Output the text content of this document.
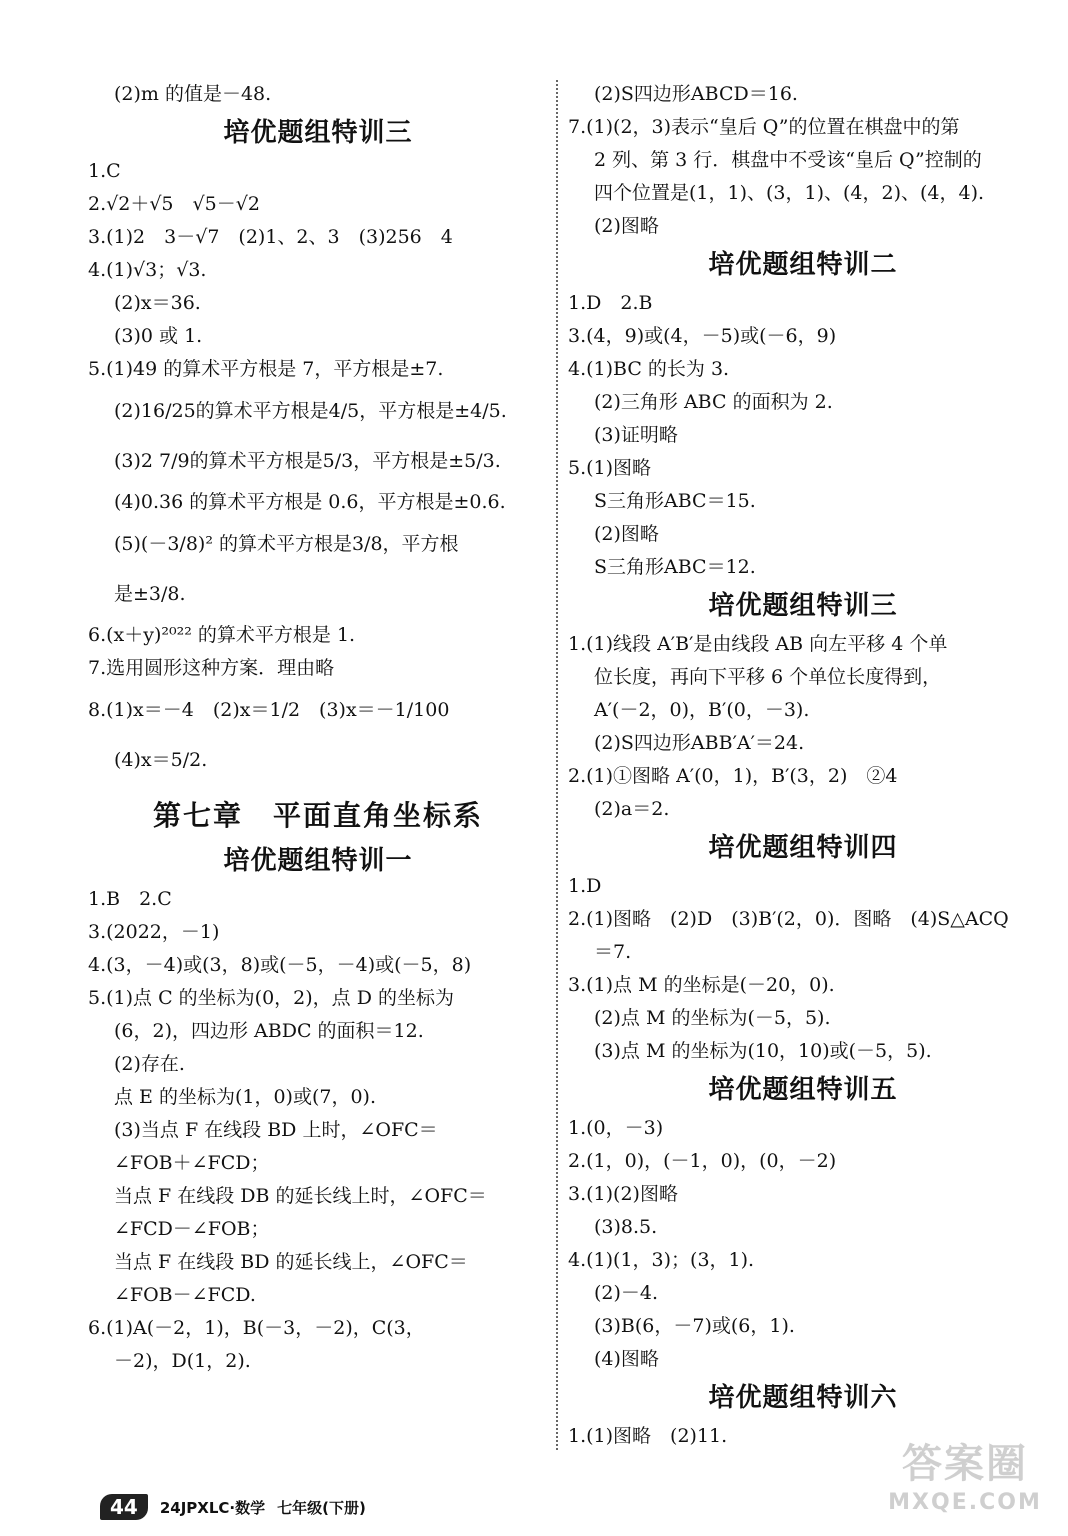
(2)m 的值是－48.
培优题组特训三
1.C
2.√2＋√5　√5－√2
3.(1)2　3－√7　(2)1、2、3　(3)256　4
4.(1)√3；√3.
(2)x＝36.
(3)0 或 1.
5.(1)49 的算术平方根是 7，平方根是±7.
(2)16/25的算术平方根是4/5，平方根是±4/5.
(3)2 7/9的算术平方根是5/3，平方根是±5/3.
(4)0.36 的算术平方根是 0.6，平方根是±0.6.
(5)(－3/8)² 的算术平方根是3/8，平方根
是±3/8.
6.(x＋y)²⁰²² 的算术平方根是 1.
7.选用圆形这种方案．理由略
8.(1)x＝－4　(2)x＝1/2　(3)x＝－1/100
(4)x＝5/2.
第七章　平面直角坐标系
培优题组特训一
1.B　2.C
3.(2022，－1)
4.(3，－4)或(3，8)或(－5，－4)或(－5，8)
5.(1)点 C 的坐标为(0，2)，点 D 的坐标为
(6，2)，四边形 ABDC 的面积＝12.
(2)存在.
点 E 的坐标为(1，0)或(7，0).
(3)当点 F 在线段 BD 上时，∠OFC＝
∠FOB＋∠FCD；
当点 F 在线段 DB 的延长线上时，∠OFC＝
∠FCD－∠FOB；
当点 F 在线段 BD 的延长线上，∠OFC＝
∠FOB－∠FCD.
6.(1)A(－2，1)，B(－3，－2)，C(3，
－2)，D(1，2).
(2)S四边形ABCD＝16.
7.(1)(2，3)表示“皇后 Q”的位置在棋盘中的第
2 列、第 3 行．棋盘中不受该“皇后 Q”控制的
四个位置是(1，1)、(3，1)、(4，2)、(4，4).
(2)图略
培优题组特训二
1.D　2.B
3.(4，9)或(4，－5)或(－6，9)
4.(1)BC 的长为 3.
(2)三角形 ABC 的面积为 2.
(3)证明略
5.(1)图略
S三角形ABC＝15.
(2)图略
S三角形ABC＝12.
培优题组特训三
1.(1)线段 A′B′是由线段 AB 向左平移 4 个单
位长度，再向下平移 6 个单位长度得到，
A′(－2，0)，B′(0，－3).
(2)S四边形ABB′A′＝24.
2.(1)①图略 A′(0，1)，B′(3，2)　②4
(2)a＝2.
培优题组特训四
1.D
2.(1)图略　(2)D　(3)B′(2，0)．图略　(4)S△ACQ
＝7.
3.(1)点 M 的坐标是(－20，0).
(2)点 M 的坐标为(－5，5).
(3)点 M 的坐标为(10，10)或(－5，5).
培优题组特训五
1.(0，－3)
2.(1，0)，(－1，0)，(0，－2)
3.(1)(2)图略
(3)8.5.
4.(1)(1，3)；(3，1).
(2)－4.
(3)B(6，－7)或(6，1).
(4)图略
培优题组特训六
1.(1)图略　(2)11.
44	24JPXLC·数学 七年级(下册)
答案圈
MXQE.COM
